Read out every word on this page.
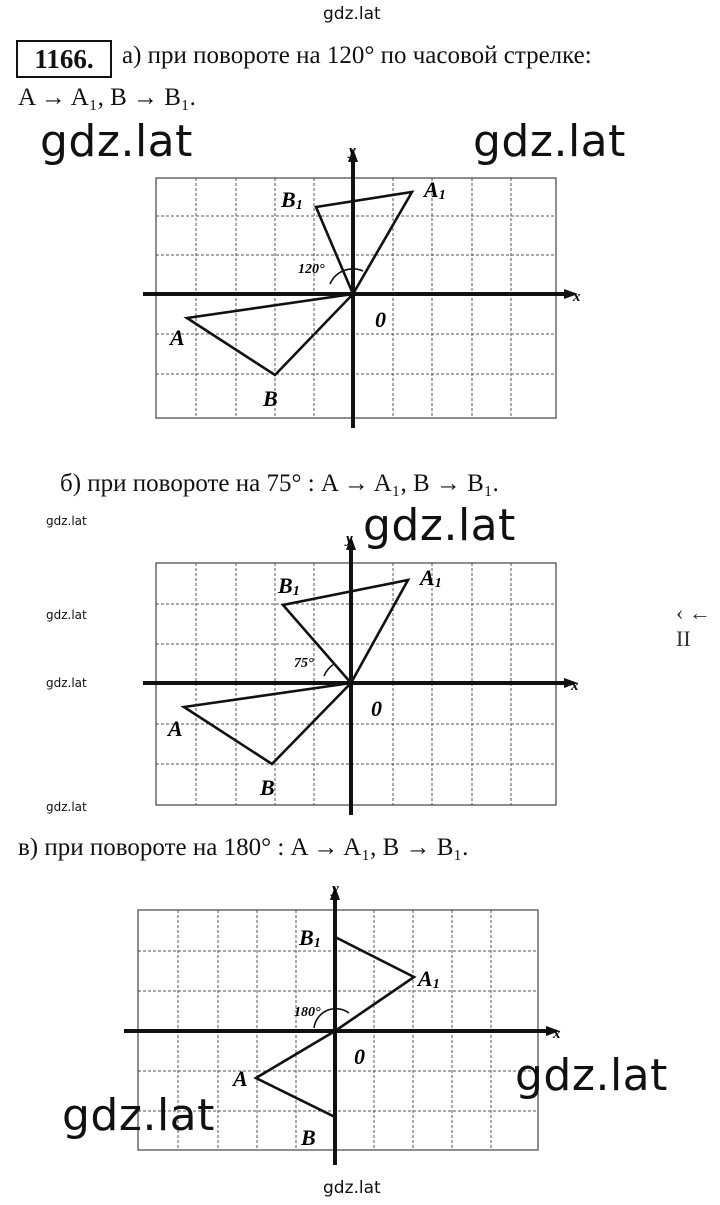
gdz.lat
1166.	а) при повороте на 120° по часовой стрелке:
A → A₁, B → B₁.
gdz.lat	gdz.lat
x
y
0
120°
A
B
A1
B1
б) при повороте на 75° : A → A₁, B → B₁.
gdz.lat
gdz.lat
gdz.lat
gdz.lat
gdz.lat
‹ ← II
x
y
0
75°
A
B
A1
B1
в) при повороте на 180° : A → A₁, B → B₁.
x
y
0
180°
A
B
A1
B1
gdz.lat
gdz.lat
gdz.lat
